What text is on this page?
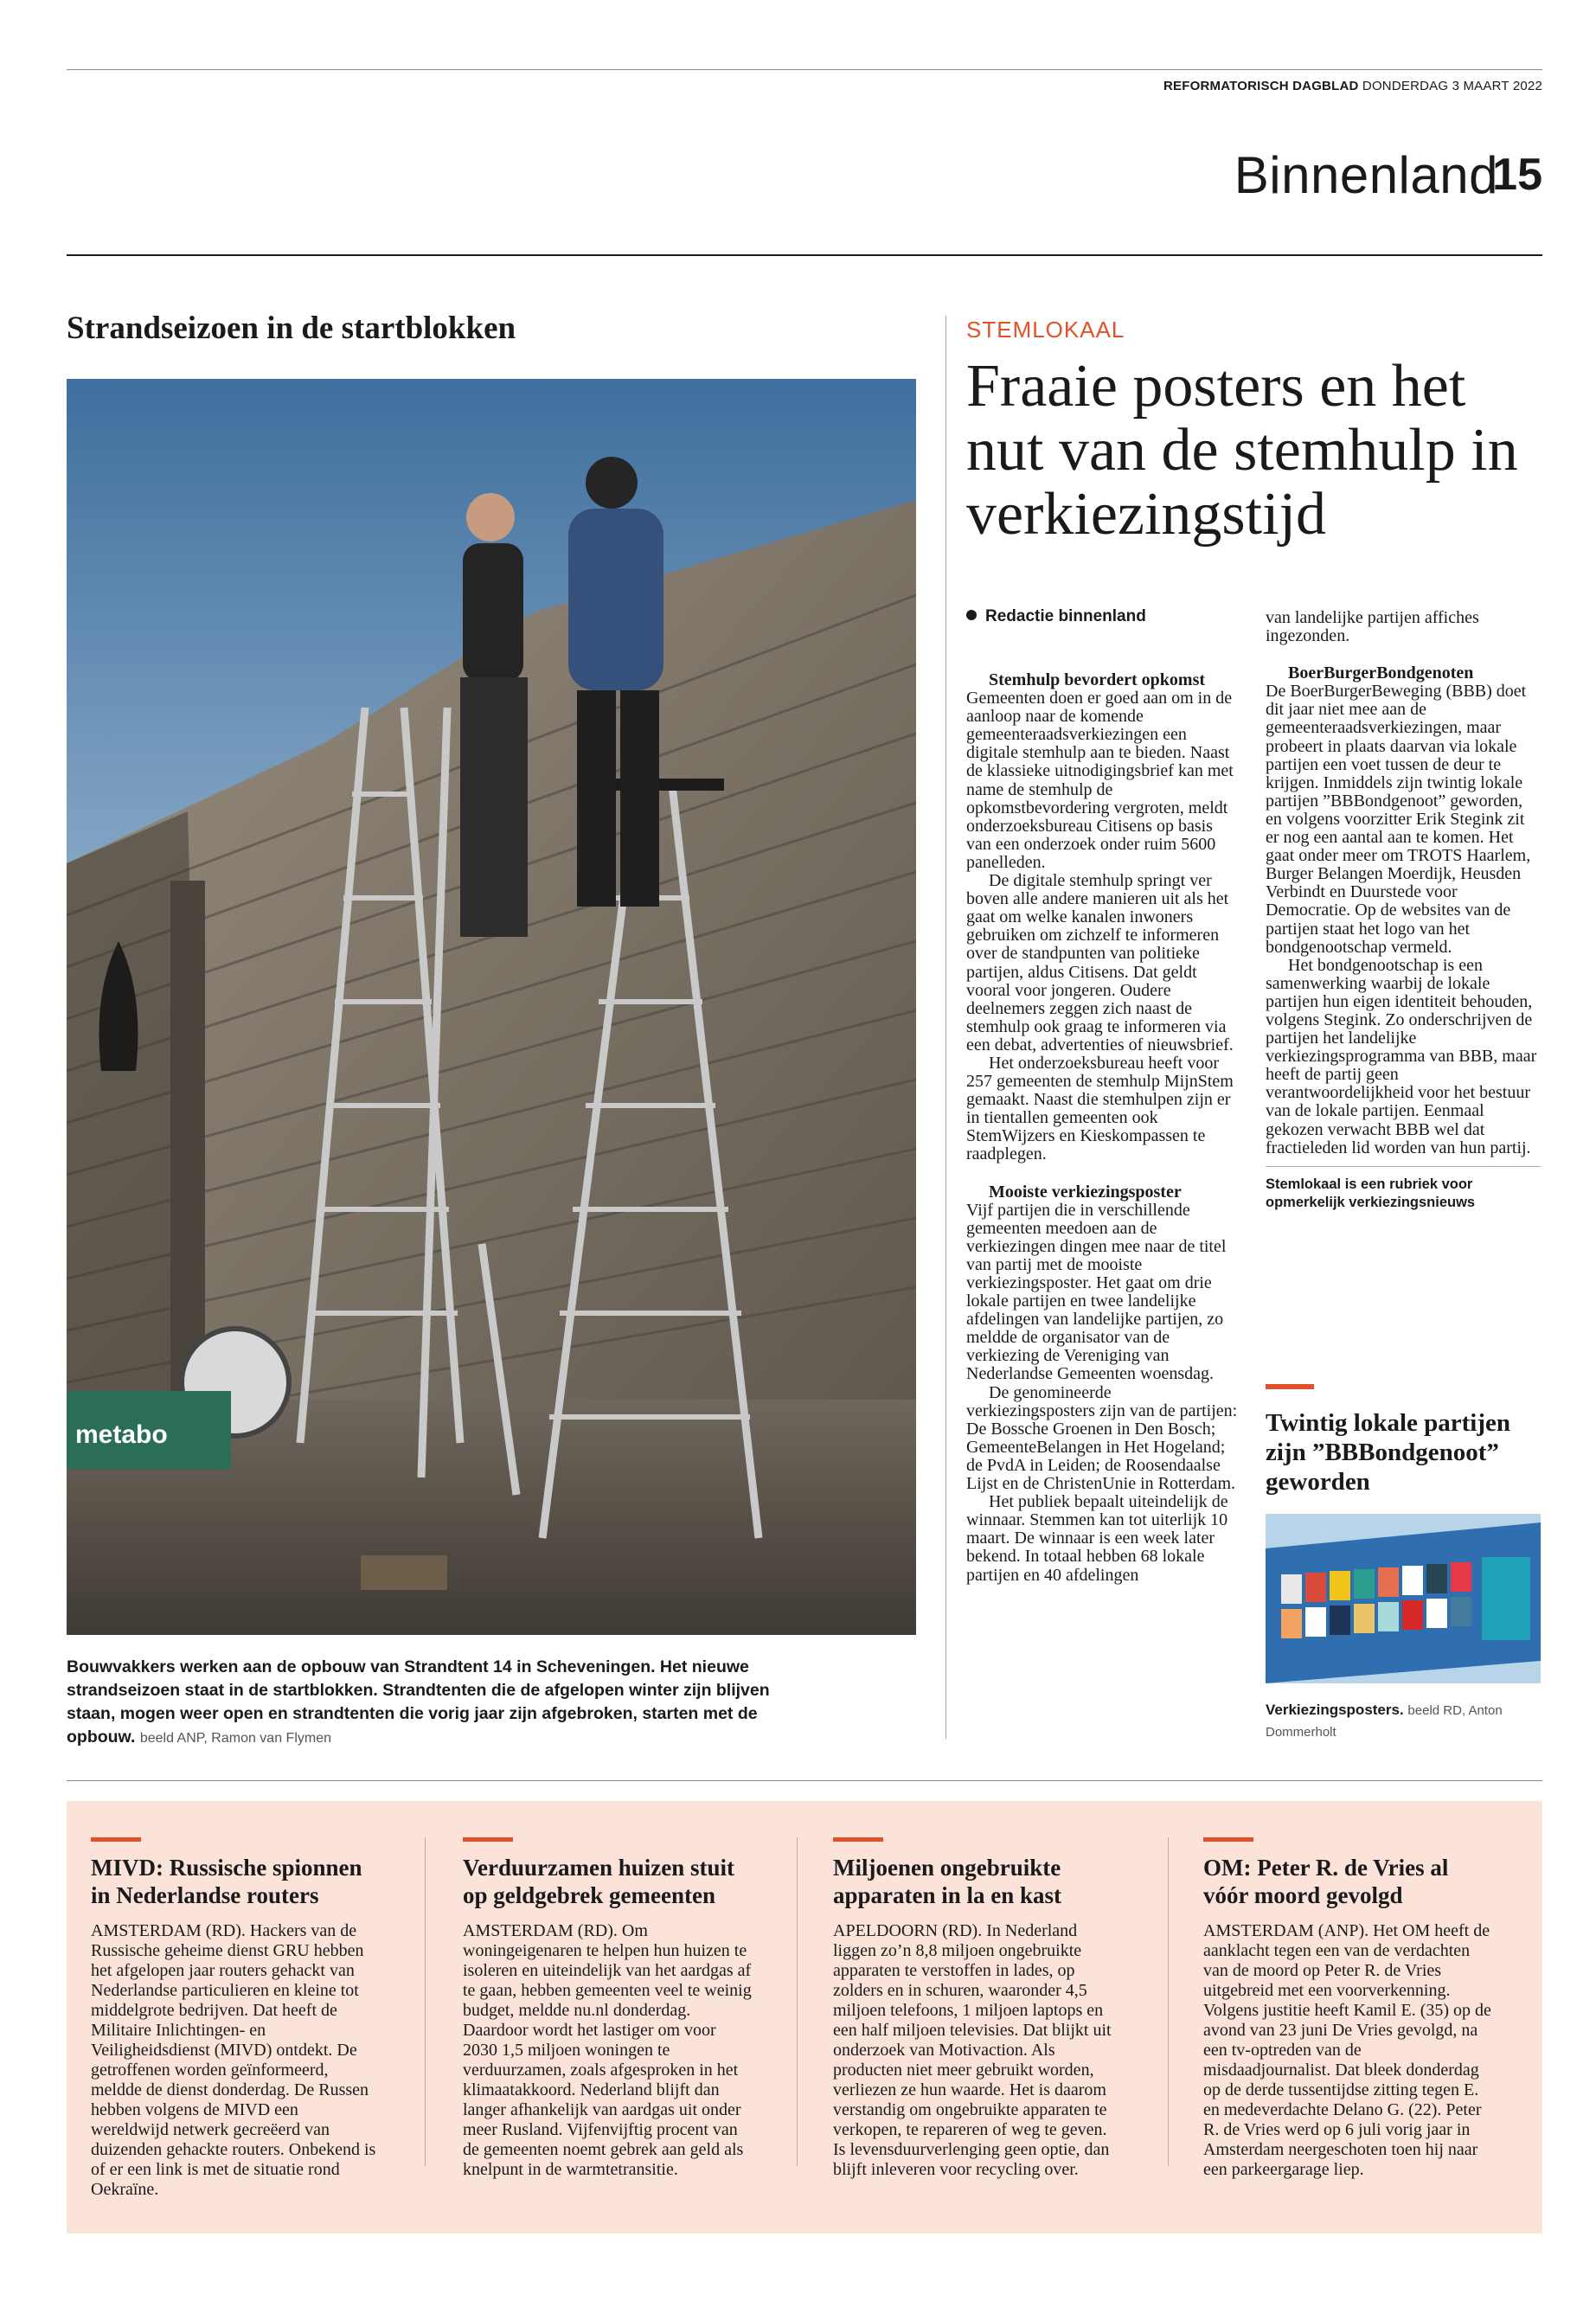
REFORMATORISCH DAGBLAD DONDERDAG 3 MAART 2022
Binnenland
15
Strandseizoen in de startblokken
metabo
Bouwvakkers werken aan de opbouw van Strandtent 14 in Scheveningen. Het nieuwe strandseizoen staat in de startblokken. Strandtenten die de afgelopen winter zijn blijven staan, mogen weer open en strandtenten die vorig jaar zijn afgebroken, starten met de opbouw. beeld ANP, Ramon van Flymen
STEMLOKAAL
Fraaie posters en het nut van de stemhulp in verkiezingstijd
Redactie binnenland

Stemhulp bevordert opkomst

Gemeenten doen er goed aan om in de aanloop naar de komende gemeenteraadsverkiezingen een digitale stemhulp aan te bieden. Naast de klassieke uitnodigingsbrief kan met name de stemhulp de opkomstbevordering vergroten, meldt onderzoeksbureau Citisens op basis van een onderzoek onder ruim 5600 panelleden.

De digitale stemhulp springt ver boven alle andere manieren uit als het gaat om welke kanalen inwoners gebruiken om zichzelf te informeren over de standpunten van politieke partijen, aldus Citisens. Dat geldt vooral voor jongeren. Oudere deelnemers zeggen zich naast de stemhulp ook graag te informeren via een debat, advertenties of nieuwsbrief.

Het onderzoeksbureau heeft voor 257 gemeenten de stemhulp MijnStem gemaakt. Naast die stemhulpen zijn er in tientallen gemeenten ook StemWijzers en Kieskompassen te raadplegen.

Mooiste verkiezingsposter

Vijf partijen die in verschillende gemeenten meedoen aan de verkiezingen dingen mee naar de titel van partij met de mooiste verkiezingsposter. Het gaat om drie lokale partijen en twee landelijke afdelingen van landelijke partijen, zo meldde de organisator van de verkiezing de Vereniging van Nederlandse Gemeenten woensdag.

De genomineerde verkiezingsposters zijn van de partijen: De Bossche Groenen in Den Bosch; GemeenteBelangen in Het Hogeland; de PvdA in Leiden; de Roosendaalse Lijst en de ChristenUnie in Rotterdam.

Het publiek bepaalt uiteindelijk de winnaar. Stemmen kan tot uiterlijk 10 maart. De winnaar is een week later bekend. In totaal hebben 68 lokale partijen en 40 afdelingen

van landelijke partijen affiches ingezonden.

BoerBurgerBondgenoten

De BoerBurgerBeweging (BBB) doet dit jaar niet mee aan de gemeenteraadsverkiezingen, maar probeert in plaats daarvan via lokale partijen een voet tussen de deur te krijgen. Inmiddels zijn twintig lokale partijen ”BBBondgenoot” geworden, en volgens voorzitter Erik Stegink zit er nog een aantal aan te komen. Het gaat onder meer om TROTS Haarlem, Burger Belangen Moerdijk, Heusden Verbindt en Duurstede voor Democratie. Op de websites van de partijen staat het logo van het bondgenootschap vermeld.

Het bondgenootschap is een samenwerking waarbij de lokale partijen hun eigen identiteit behouden, volgens Stegink. Zo onderschrijven de partijen het landelijke verkiezingsprogramma van BBB, maar heeft de partij geen verantwoordelijkheid voor het bestuur van de lokale partijen. Eenmaal gekozen verwacht BBB wel dat fractieleden lid worden van hun partij.

Stemlokaal is een rubriek voor opmerkelijk verkiezingsnieuws
Twintig lokale partijen zijn ”BBBondgenoot” geworden
Verkiezingsposters. beeld RD, Anton Dommerholt
MIVD: Russische spionnen in Nederlandse routers
AMSTERDAM (RD). Hackers van de Russische geheime dienst GRU hebben het afgelopen jaar routers gehackt van Nederlandse particulieren en kleine tot middelgrote bedrijven. Dat heeft de Militaire Inlichtingen- en Veiligheidsdienst (MIVD) ontdekt. De getroffenen worden geïnformeerd, meldde de dienst donderdag. De Russen hebben volgens de MIVD een wereldwijd netwerk gecreëerd van duizenden gehackte routers. Onbekend is of er een link is met de situatie rond Oekraïne.
Verduurzamen huizen stuit op geldgebrek gemeenten
AMSTERDAM (RD). Om woningeigenaren te helpen hun huizen te isoleren en uiteindelijk van het aardgas af te gaan, hebben gemeenten veel te weinig budget, meldde nu.nl donderdag. Daardoor wordt het lastiger om voor 2030 1,5 miljoen woningen te verduurzamen, zoals afgesproken in het klimaatakkoord. Nederland blijft dan langer afhankelijk van aardgas uit onder meer Rusland. Vijfenvijftig procent van de gemeenten noemt gebrek aan geld als knelpunt in de warmtetransitie.
Miljoenen ongebruikte apparaten in la en kast
APELDOORN (RD). In Nederland liggen zo’n 8,8 miljoen ongebruikte apparaten te verstoffen in lades, op zolders en in schuren, waaronder 4,5 miljoen telefoons, 1 miljoen laptops en een half miljoen televisies. Dat blijkt uit onderzoek van Motivaction. Als producten niet meer gebruikt worden, verliezen ze hun waarde. Het is daarom verstandig om ongebruikte apparaten te verkopen, te repareren of weg te geven. Is levensduurverlenging geen optie, dan blijft inleveren voor recycling over.
OM: Peter R. de Vries al vóór moord gevolgd
AMSTERDAM (ANP). Het OM heeft de aanklacht tegen een van de verdachten van de moord op Peter R. de Vries uitgebreid met een voorverkenning. Volgens justitie heeft Kamil E. (35) op de avond van 23 juni De Vries gevolgd, na een tv-optreden van de misdaadjournalist. Dat bleek donderdag op de derde tussentijdse zitting tegen E. en medeverdachte Delano G. (22). Peter R. de Vries werd op 6 juli vorig jaar in Amsterdam neergeschoten toen hij naar een parkeergarage liep.
